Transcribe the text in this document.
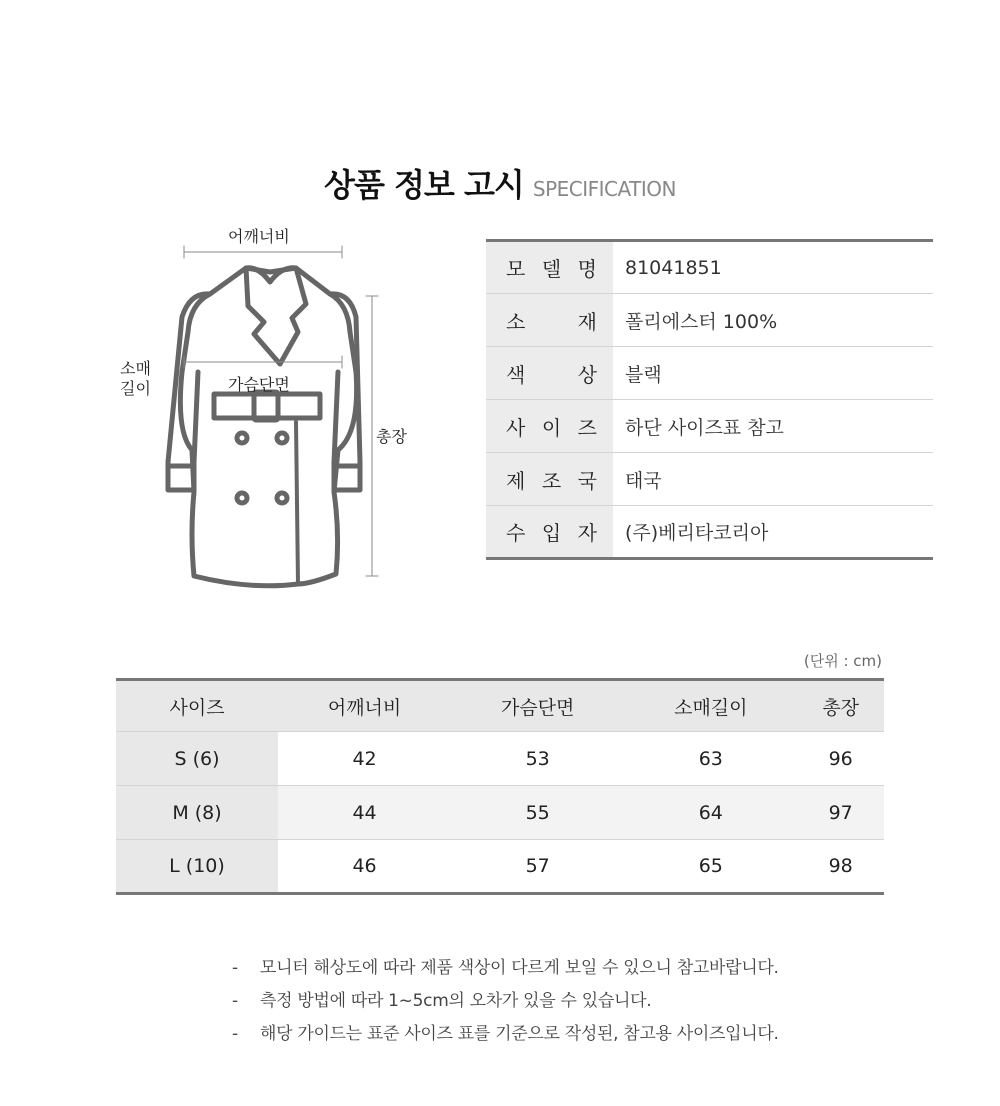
상품 정보 고시 SPECIFICATION
어깨너비
소매
길이	가슴단면
총장
모 델 명	81041851
소 재	폴리에스터 100%
색 상	블랙
사 이 즈	하단 사이즈표 참고
제 조 국	태국
수 입 자	(주)베리타코리아
(단위 : cm)
사이즈	어깨너비	가슴단면	소매길이	총장
S (6)	42	53	63	96
M (8)	44	55	64	97
L (10)	46	57	65	98
- 모니터 해상도에 따라 제품 색상이 다르게 보일 수 있으니 참고바랍니다.
- 측정 방법에 따라 1~5cm의 오차가 있을 수 있습니다.
- 해당 가이드는 표준 사이즈 표를 기준으로 작성된, 참고용 사이즈입니다.
